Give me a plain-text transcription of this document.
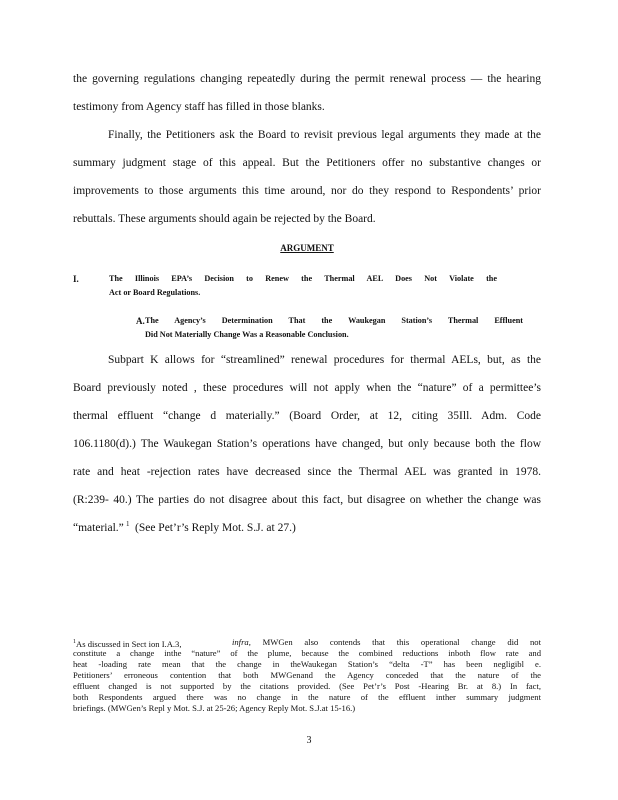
the governing regulations changing repeatedly during the permit renewal process — the hearing
testimony from Agency staff has filled in those blanks.
Finally, the Petitioners ask the Board to revisit previous legal arguments they made at the
summary judgment stage of this appeal. But the Petitioners offer no substantive changes or
improvements to those arguments this time around, nor do they respond to Respondents’ prior
rebuttals. These arguments should again be rejected by the Board.
ARGUMENT
I.	The Illinois EPA’s Decision to Renew the Thermal AEL Does Not Violate the
Act or Board Regulations.
A. The Agency’s Determination That the Waukegan Station’s Thermal Effluent
Did Not Materially Change Was a Reasonable Conclusion.
Subpart K allows for “streamlined” renewal procedures for thermal AELs, but, as the
Board previously noted , these procedures will not apply when the “nature” of a permittee’s
thermal effluent “change d materially.” (Board Order, at 12, citing 35Ill. Adm. Code
106.1180(d).) The Waukegan Station’s operations have changed, but only because both the flow
rate and heat -rejection rates have decreased since the Thermal AEL was granted in 1978.
(R:239- 40.) The parties do not disagree about this fact, but disagree on whether the change was
“material.” 1 (See Pet’r’s Reply Mot. S.J. at 27.)
$^1$As discussed in Sect ion I.A.3,	infra, MWGen also contends that this operational change did not
constitute a change inthe “nature” of the plume, because the combined reductions inboth flow rate and
heat -loading rate mean that the change in theWaukegan Station’s “delta -T” has been negligibl e.
Petitioners’ erroneous contention that both MWGenand the Agency conceded that the nature of the
effluent changed is not supported by the citations provided. (See Pet’r’s Post -Hearing Br. at 8.) In fact,
both Respondents argued there was no change in the nature of the effluent inther summary judgment
briefings. (MWGen’s Repl y Mot. S.J. at 25-26; Agency Reply Mot. S.J.at 15-16.)
3
